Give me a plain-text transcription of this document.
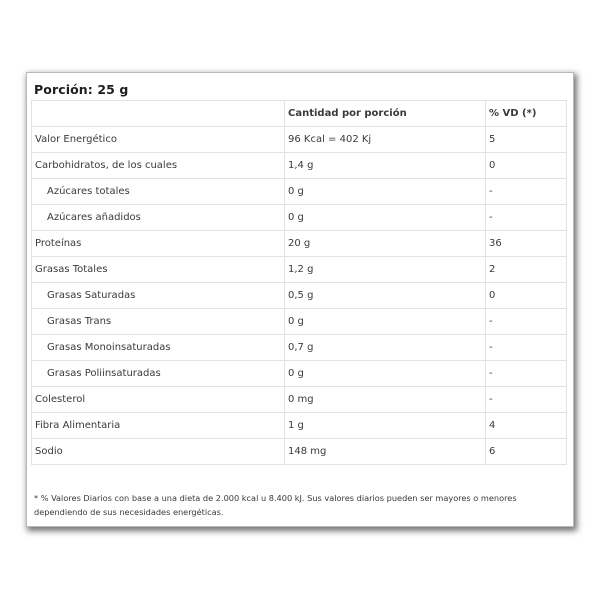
Porción: 25 g
	Cantidad por porción	% VD (*)
Valor Energético	96 Kcal = 402 Kj	5
Carbohidratos, de los cuales	1,4 g	0
Azúcares totales	0 g	-
Azúcares añadidos	0 g	-
Proteínas	20 g	36
Grasas Totales	1,2 g	2
Grasas Saturadas	0,5 g	0
Grasas Trans	0 g	-
Grasas Monoinsaturadas	0,7 g	-
Grasas Poliinsaturadas	0 g	-
Colesterol	0 mg	-
Fibra Alimentaria	1 g	4
Sodio	148 mg	6
* % Valores Diarios con base a una dieta de 2.000 kcal u 8.400 kJ. Sus valores diarios pueden ser mayores o menores dependiendo de sus necesidades energéticas.
